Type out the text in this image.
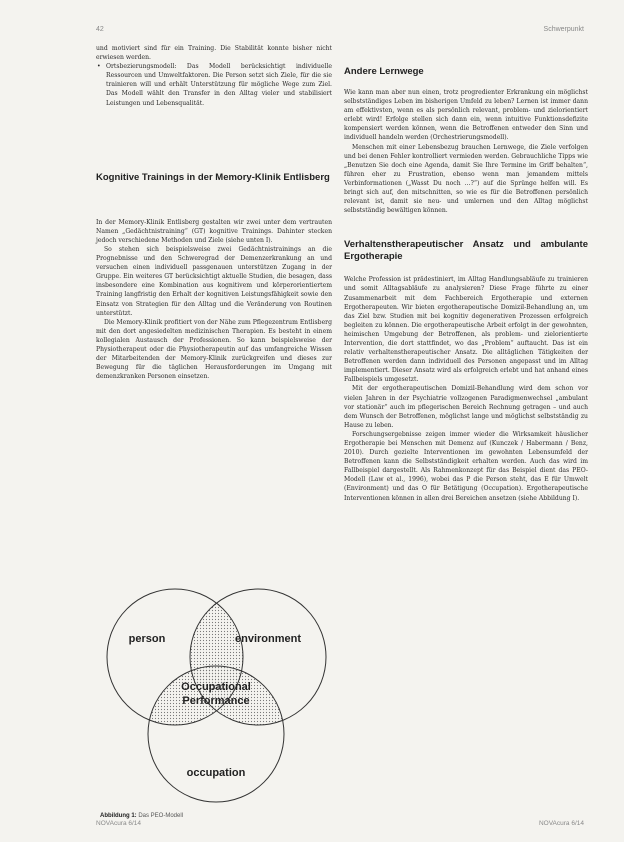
42	Schwerpunkt

und motiviert sind für ein Training. Die Stabilität konnte bisher nicht erwiesen werden.

• Ortsbezierungsmodell: Das Modell berücksichtigt individuelle Ressourcen und Umweltfaktoren. Die Person setzt sich Ziele, für die sie trainieren will und erhält Unterstützung für mögliche Wege zum Ziel. Das Modell wählt den Transfer in den Alltag vieler und stabilisiert Leistungen und Lebensqualität.
Kognitive Trainings in der Memory-Klinik Entlisberg

In der Memory-Klinik Entlisberg gestalten wir zwei unter dem vertrauten Namen „Gedächtnistraining“ (GT) kognitive Trainings. Dahinter stecken jedoch verschiedene Methoden und Ziele (siehe unten I).

So stehen sich beispielsweise zwei Gedächtnistrainings an die Prognebnisse und den Schweregrad der Demenzerkrankung an und versuchen einen individuell passgenauen unterstützen Zugang in der Gruppe. Ein weiteres GT berücksichtigt aktuelle Studien, die besagen, dass insbesondere eine Kombination aus kognitivem und körperorientiertem Training langfristig den Erhalt der kognitiven Leistungsfähigkeit sowie den Einsatz von Strategien für den Alltag und die Veränderung von Routinen unterstützt.

Die Memory-Klinik profitiert von der Nähe zum Pflegezentrum Entlisberg mit den dort angesiedelten medizinischen Therapien. Es besteht in einem kollegialen Austausch der Professionen. So kann beispielsweise der Physiotherapeut oder die Physiotherapeutin auf das umfangreiche Wissen der Mitarbeitenden der Memory-Klinik zurückgreifen und dieses zur Bewegung für die täglichen Herausforderungen im Umgang mit demenzkranken Personen einsetzen.

person	environment
Occupational
Performance
occupation
Abbildung 1: Das PEO-Modell
Andere Lernwege

Wie kann man aber nun einen, trotz progredienter Erkrankung ein möglichst selbstständiges Leben im bisherigen Umfeld zu leben? Lernen ist immer dann am effektivsten, wenn es als persönlich relevant, problem- und zielorientiert erlebt wird! Erfolge stellen sich dann ein, wenn intuitive Funktionsdefizite kompensiert werden können, wenn die Betroffenen entweder den Sinn und individuell handeln werden (Orchestrierungsmodell).

Menschen mit einer Lebensbezug brauchen Lernwege, die Ziele verfolgen und bei denen Fehler kontrolliert vermieden werden. Gebrauchliche Tipps wie „Benutzen Sie doch eine Agenda, damit Sie Ihre Termine im Griff behalten“, führen eher zu Frustration, ebenso wenn man jemandem mittels Verbinformationen („Wasst Du noch …?“) auf die Sprünge helfen will. Es bringt sich auf, den mitschnitten, so wie es für die Betroffenen persönlich relevant ist, damit sie neu- und umlernen und den Alltag möglichst selbstständig bewältigen können.

Verhaltenstherapeutischer Ansatz und ambulante Ergotherapie

Welche Profession ist prädestiniert, im Alltag Handlungsabläufe zu trainieren und somit Alltagsabläufe zu analysieren? Diese Frage führte zu einer Zusammenarbeit mit dem Fachbereich Ergotherapie und externen Ergotherapeuten. Wir bieten ergotherapeutische Domizil-Behandlung an, um das Ziel bzw. Studien mit bei kognitiv degenerativen Prozessen erfolgreich begleiten zu können. Die ergotherapeutische Arbeit erfolgt in der gewohnten, heimischen Umgebung der Betroffenen, als problem- und zielorientierte Intervention, die dort stattfindet, wo das „Problem“ auftaucht. Das ist ein relativ verhaltenstherapeutischer Ansatz. Die alltäglichen Tätigkeiten der Betroffenen werden dann individuell des Personen angepasst und im Alltag implementiert. Dieser Ansatz wird als erfolgreich erlebt und hat anhand eines Fallbeispiels umgesetzt.

Mit der ergotherapeutischen Domizil-Behandlung wird dem schon vor vielen Jahren in der Psychiatrie vollzogenen Paradigmenwechsel „ambulant vor stationär“ auch im pflegerischen Bereich Rechnung getragen – und auch dem Wunsch der Betroffenen, möglichst lange und möglichst selbstständig zu Hause zu leben.

Forschungsergebnisse zeigen immer wieder die Wirksamkeit häuslicher Ergotherapie bei Menschen mit Demenz auf (Kunczek / Habermann / Benz, 2010). Durch gezielte Interventionen im gewohnten Lebensumfeld der Betroffenen kann die Selbstständigkeit erhalten werden. Auch das wird im Fallbeispiel dargestellt. Als Rahmenkonzept für das Beispiel dient das PEO-Modell (Law et al., 1996), wobei das P die Person steht, das E für Umwelt (Environment) und das O für Betätigung (Occupation). Ergotherapeutische Interventionen können in allen drei Bereichen ansetzen (siehe Abbildung I).

NOVAcura 6/14	NOVAcura 6/14
